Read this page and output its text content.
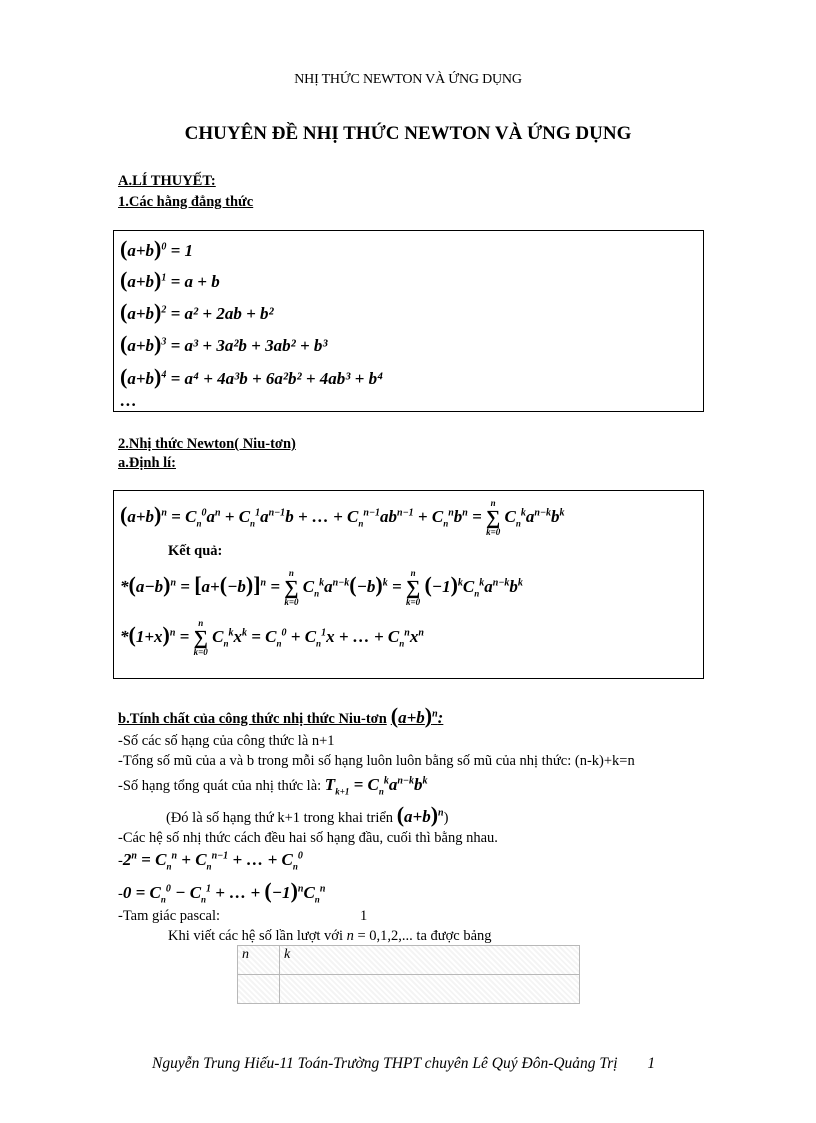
NHỊ THỨC NEWTON VÀ ỨNG DỤNG
CHUYÊN ĐỀ NHỊ THỨC NEWTON VÀ ỨNG DỤNG
A.LÍ THUYẾT:
1.Các hằng đẳng thức
$(a+b)^0 = 1$
$(a+b)^1 = a + b$
$(a+b)^2 = a^2 + 2ab + b^2$
$(a+b)^3 = a^3 + 3a^2b + 3ab^2 + b^3$
$(a+b)^4 = a^4 + 4a^3b + 6a^2b^2 + 4ab^3 + b^4$
…
2.Nhị thức Newton( Niu-tơn)
a.Định lí:
$(a+b)^n = C_n^0a^n + C_n^1a^{n-1}b$ + … + $C_n^{n-1}ab^{n-1} + C_n^nb^n$ =
n
∑
k=0
$C_n^ka^{n-k}b^k$
Kết quả:
$*(a-b)^n = [a+(-b)]^n$ =
n
∑
k=0
$C_n^ka^{n-k}(-b)^k$ =
n
∑
k=0
$(-1)^kC_n^ka^{n-k}b^k$
$*(1+x)^n$ =
n
∑
k=0
$C_n^kx^k = C_n^0 + C_n^1x$ + … + $C_n^nx^n$
b.Tính chất của công thức nhị thức Niu-tơn $(a+b)^n$:
-Số các số hạng của công thức là n+1
-Tổng số mũ của a và b trong mỗi số hạng luôn luôn bằng số mũ của nhị thức: (n-k)+k=n
-Số hạng tổng quát của nhị thức là: $T_{k+1} = C_n^ka^{n-k}b^k$
(Đó là số hạng thứ k+1 trong khai triển $(a+b)^n$)
-Các hệ số nhị thức cách đều hai số hạng đầu, cuối thì bằng nhau.
$-2^n = C_n^n + C_n^{n-1}$ + … + $C_n^0$
$-0 = C_n^0 - C_n^1$ + … + $(-1)^nC_n^n$
-Tam giác pascal:	1
Khi viết các hệ số lần lượt với n = 0,1,2,... ta được bảng
n	k

Nguyễn Trung Hiếu-11 Toán-Trường THPT chuyên Lê Quý Đôn-Quảng Trị 1
